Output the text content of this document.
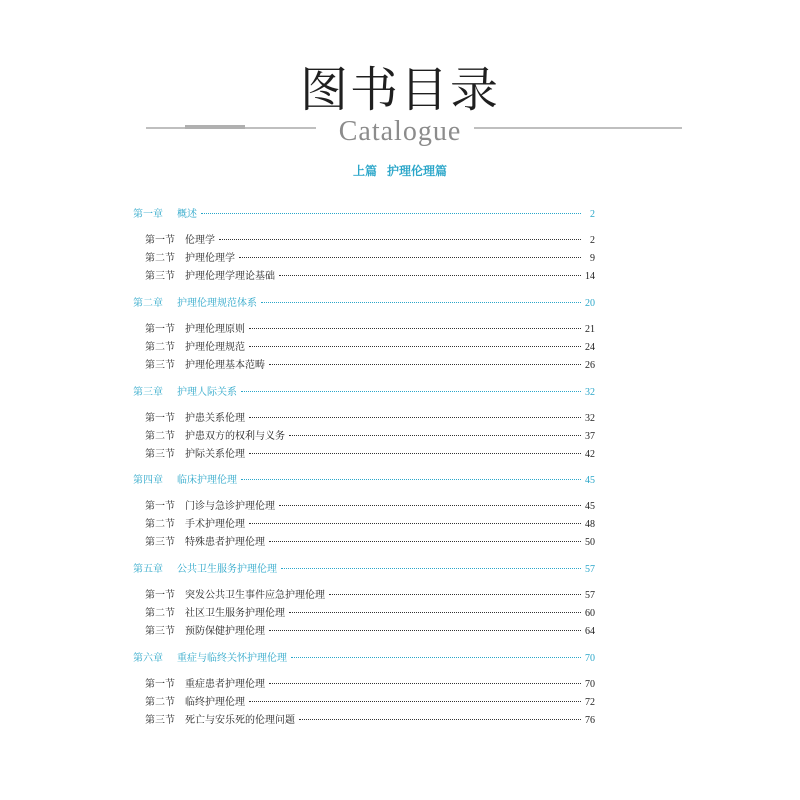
图书目录
Catalogue
上篇 护理伦理篇
第一章	概述	2
第一节	伦理学	2
第二节	护理伦理学	9
第三节	护理伦理学理论基础	14
第二章	护理伦理规范体系	20
第一节	护理伦理原则	21
第二节	护理伦理规范	24
第三节	护理伦理基本范畴	26
第三章	护理人际关系	32
第一节	护患关系伦理	32
第二节	护患双方的权利与义务	37
第三节	护际关系伦理	42
第四章	临床护理伦理	45
第一节	门诊与急诊护理伦理	45
第二节	手术护理伦理	48
第三节	特殊患者护理伦理	50
第五章	公共卫生服务护理伦理	57
第一节	突发公共卫生事件应急护理伦理	57
第二节	社区卫生服务护理伦理	60
第三节	预防保健护理伦理	64
第六章	重症与临终关怀护理伦理	70
第一节	重症患者护理伦理	70
第二节	临终护理伦理	72
第三节	死亡与安乐死的伦理问题	76
